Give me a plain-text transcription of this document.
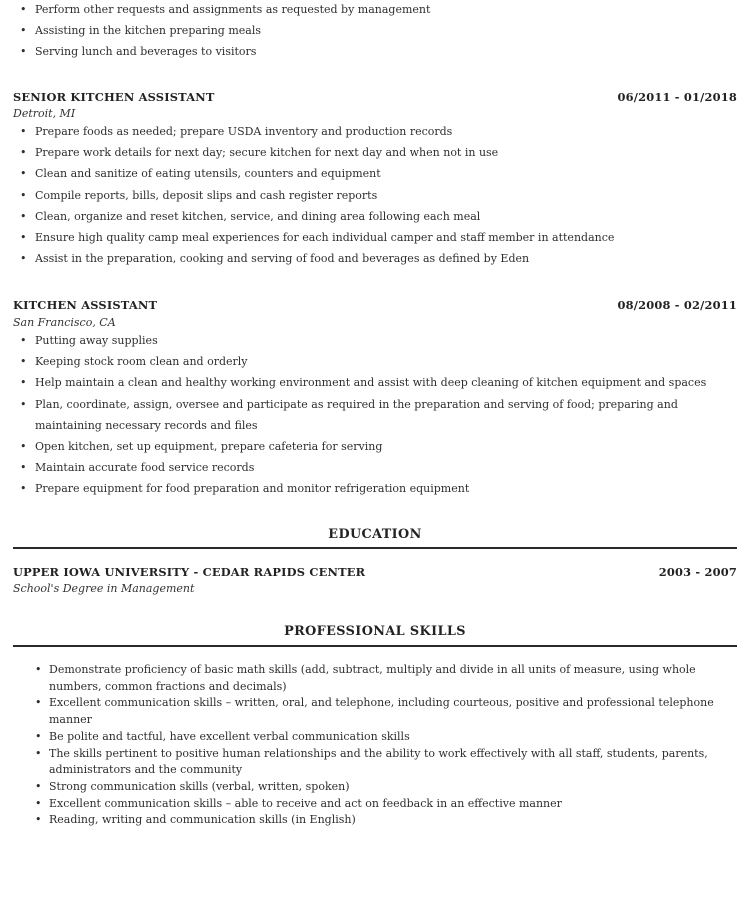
• Perform other requests and assignments as requested by management
• Assisting in the kitchen preparing meals
• Serving lunch and beverages to visitors
SENIOR KITCHEN ASSISTANT	06/2011 - 01/2018
Detroit, MI
• Prepare foods as needed; prepare USDA inventory and production records
• Prepare work details for next day; secure kitchen for next day and when not in use
• Clean and sanitize of eating utensils, counters and equipment
• Compile reports, bills, deposit slips and cash register reports
• Clean, organize and reset kitchen, service, and dining area following each meal
• Ensure high quality camp meal experiences for each individual camper and staff member in attendance
• Assist in the preparation, cooking and serving of food and beverages as defined by Eden
KITCHEN ASSISTANT	08/2008 - 02/2011
San Francisco, CA
• Putting away supplies
• Keeping stock room clean and orderly
• Help maintain a clean and healthy working environment and assist with deep cleaning of kitchen equipment and spaces
• Plan, coordinate, assign, oversee and participate as required in the preparation and serving of food; preparing and maintaining necessary records and files
• Open kitchen, set up equipment, prepare cafeteria for serving
• Maintain accurate food service records
• Prepare equipment for food preparation and monitor refrigeration equipment
EDUCATION
UPPER IOWA UNIVERSITY - CEDAR RAPIDS CENTER	2003 - 2007
School's Degree in Management
PROFESSIONAL SKILLS
• Demonstrate proficiency of basic math skills (add, subtract, multiply and divide in all units of measure, using whole numbers, common fractions and decimals)
• Excellent communication skills – written, oral, and telephone, including courteous, positive and professional telephone manner
• Be polite and tactful, have excellent verbal communication skills
• The skills pertinent to positive human relationships and the ability to work effectively with all staff, students, parents, administrators and the community
• Strong communication skills (verbal, written, spoken)
• Excellent communication skills – able to receive and act on feedback in an effective manner
• Reading, writing and communication skills (in English)
